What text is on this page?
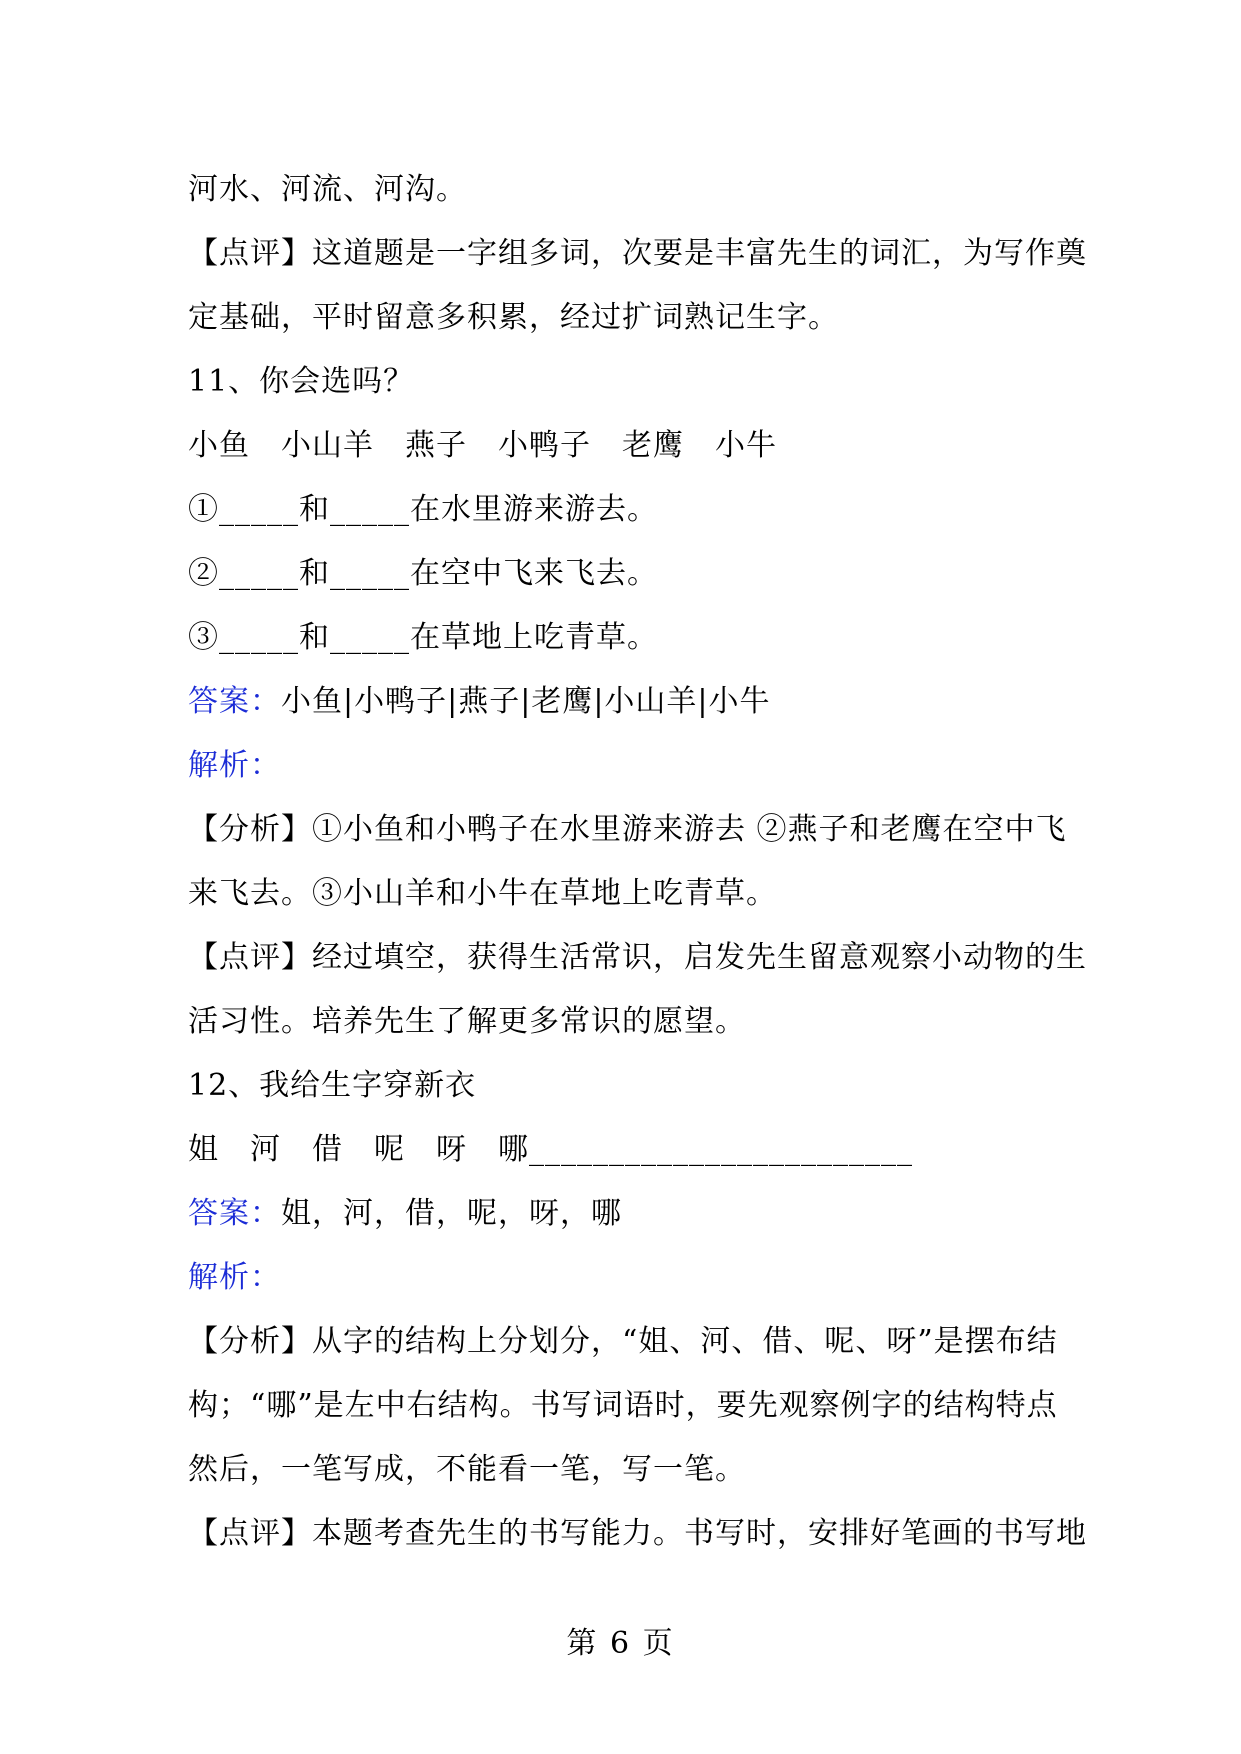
河水、河流、河沟。
【点评】这道题是一字组多词，次要是丰富先生的词汇，为写作奠
定基础，平时留意多积累，经过扩词熟记生字。
11、你会选吗？
小鱼　小山羊　燕子　小鸭子　老鹰　小牛
①_____和_____在水里游来游去。
②_____和_____在空中飞来飞去。
③_____和_____在草地上吃青草。
答案：小鱼|小鸭子|燕子|老鹰|小山羊|小牛
解析：
【分析】①小鱼和小鸭子在水里游来游去 ②燕子和老鹰在空中飞
来飞去。③小山羊和小牛在草地上吃青草。
【点评】经过填空，获得生活常识，启发先生留意观察小动物的生
活习性。培养先生了解更多常识的愿望。
12、我给生字穿新衣
姐　河　借　呢　呀　哪________________________
答案：姐，河，借，呢，呀，哪
解析：
【分析】从字的结构上分划分，“姐、河、借、呢、呀”是摆布结
构；“哪”是左中右结构。书写词语时，要先观察例字的结构特点
然后，一笔写成，不能看一笔，写一笔。
【点评】本题考查先生的书写能力。书写时，安排好笔画的书写地
第 6 页
